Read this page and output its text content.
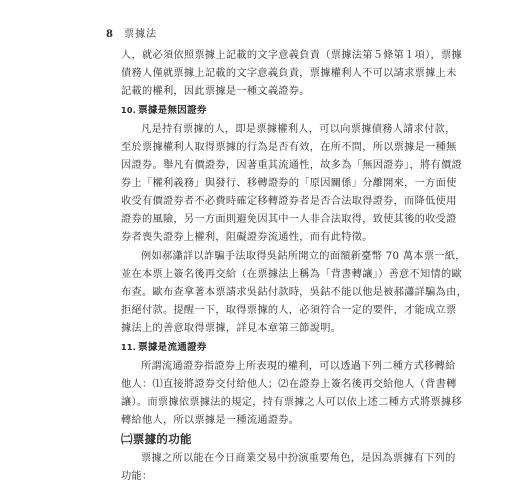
8 票據法
人，就必須依照票據上記載的文字意義負責（票據法第５條第１項），票據
債務人僅就票據上記載的文字意義負責，票據權利人不可以請求票據上未
記載的權利，因此票據是一種文義證券。
10. 票據是無因證券
凡是持有票據的人，即是票據權利人，可以向票據債務人請求付款，
至於票據權利人取得票據的行為是否有效，在所不問，所以票據是一種無
因證券。舉凡有價證券，因著重其流通性，故多為「無因證券」，將有價證
券上「權利義務」與發行、移轉證券的「原因關係」分離開來，一方面使
收受有價證券者不必費時確定移轉證券者是否合法取得證券，而降低使用
證券的風險，另一方面則避免因其中一人非合法取得，致使其後的收受證
券者喪失證券上權利，阻礙證券流通性，而有此特徵。
例如郝瀟詳以詐騙手法取得吳鈷所開立的面額新臺幣 70 萬本票一紙，
並在本票上簽名後再交給（在票據法上稱為「背書轉讓」）善意不知情的歐
布查。歐布查拿著本票請求吳鈷付款時，吳鈷不能以他是被郝瀟詳騙為由，
拒絕付款。提醒一下，取得票據的人，必須符合一定的要件，才能成立票
據法上的善意取得票據，詳見本章第三節說明。
11. 票據是流通證券
所謂流通證券指證券上所表現的權利，可以透過下列二種方式移轉給
他人：⑴直接將證券交付給他人；⑵在證券上簽名後再交給他人（背書轉
讓）。而票據依票據法的規定，持有票據之人可以依上述二種方式將票據移
轉給他人，所以票據是一種流通證券。
㈡票據的功能
票據之所以能在今日商業交易中扮演重要角色，是因為票據有下列的
功能：
